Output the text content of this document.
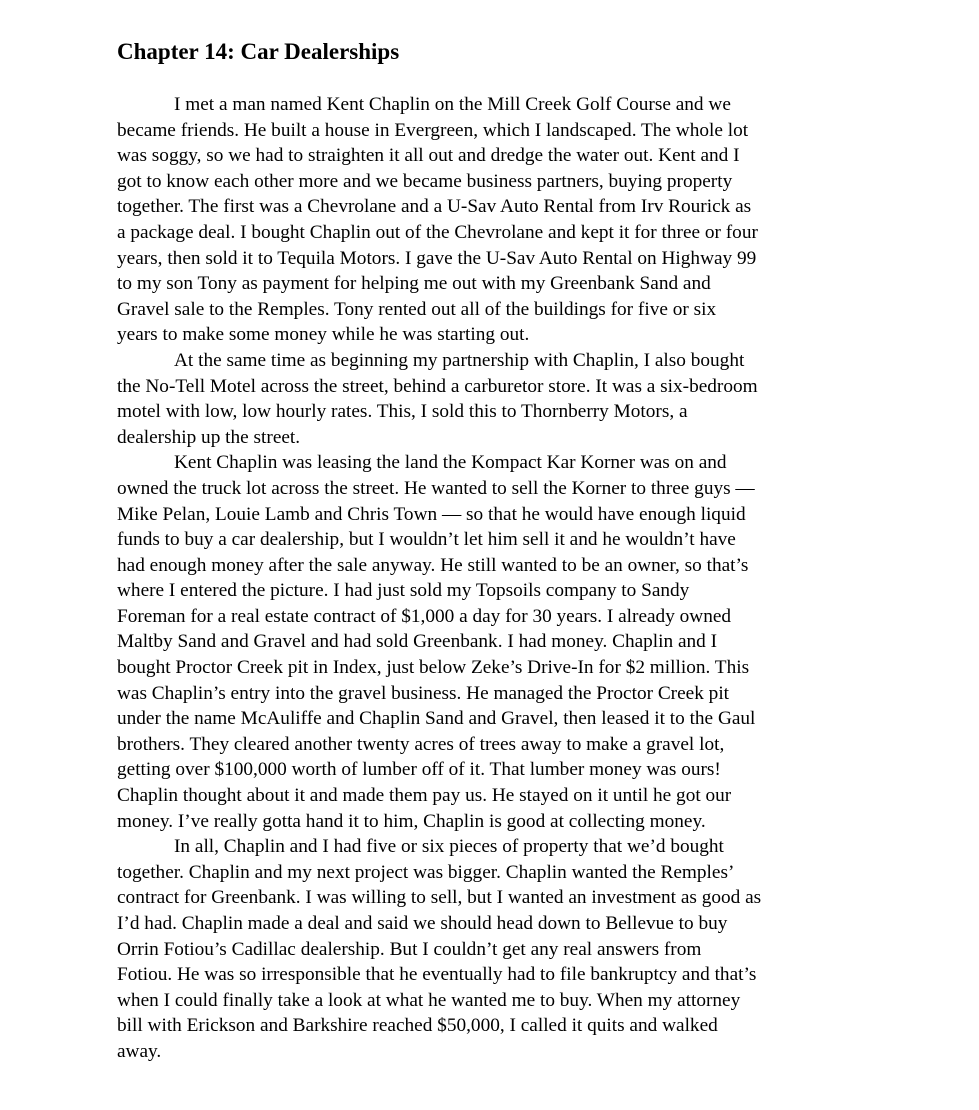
Chapter 14: Car Dealerships
I met a man named Kent Chaplin on the Mill Creek Golf Course and we
became friends. He built a house in Evergreen, which I landscaped. The whole lot
was soggy, so we had to straighten it all out and dredge the water out. Kent and I
got to know each other more and we became business partners, buying property
together. The first was a Chevrolane and a U-Sav Auto Rental from Irv Rourick as
a package deal. I bought Chaplin out of the Chevrolane and kept it for three or four
years, then sold it to Tequila Motors. I gave the U-Sav Auto Rental on Highway 99
to my son Tony as payment for helping me out with my Greenbank Sand and
Gravel sale to the Remples. Tony rented out all of the buildings for five or six
years to make some money while he was starting out.
At the same time as beginning my partnership with Chaplin, I also bought
the No-Tell Motel across the street, behind a carburetor store. It was a six-bedroom
motel with low, low hourly rates. This, I sold this to Thornberry Motors, a
dealership up the street.
Kent Chaplin was leasing the land the Kompact Kar Korner was on and
owned the truck lot across the street. He wanted to sell the Korner to three guys —
Mike Pelan, Louie Lamb and Chris Town — so that he would have enough liquid
funds to buy a car dealership, but I wouldn’t let him sell it and he wouldn’t have
had enough money after the sale anyway. He still wanted to be an owner, so that’s
where I entered the picture. I had just sold my Topsoils company to Sandy
Foreman for a real estate contract of $1,000 a day for 30 years. I already owned
Maltby Sand and Gravel and had sold Greenbank. I had money. Chaplin and I
bought Proctor Creek pit in Index, just below Zeke’s Drive-In for $2 million. This
was Chaplin’s entry into the gravel business. He managed the Proctor Creek pit
under the name McAuliffe and Chaplin Sand and Gravel, then leased it to the Gaul
brothers. They cleared another twenty acres of trees away to make a gravel lot,
getting over $100,000 worth of lumber off of it. That lumber money was ours!
Chaplin thought about it and made them pay us. He stayed on it until he got our
money. I’ve really gotta hand it to him, Chaplin is good at collecting money.
In all, Chaplin and I had five or six pieces of property that we’d bought
together. Chaplin and my next project was bigger. Chaplin wanted the Remples’
contract for Greenbank. I was willing to sell, but I wanted an investment as good as
I’d had. Chaplin made a deal and said we should head down to Bellevue to buy
Orrin Fotiou’s Cadillac dealership. But I couldn’t get any real answers from
Fotiou. He was so irresponsible that he eventually had to file bankruptcy and that’s
when I could finally take a look at what he wanted me to buy. When my attorney
bill with Erickson and Barkshire reached $50,000, I called it quits and walked
away.
